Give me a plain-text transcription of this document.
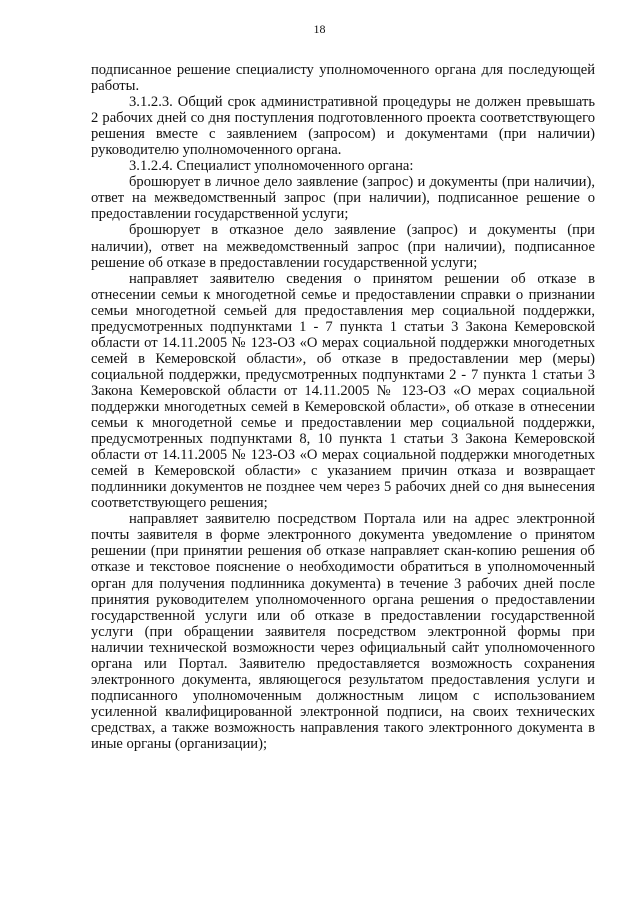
18

подписанное решение специалисту уполномоченного органа для последующей работы.

3.1.2.3. Общий срок административной процедуры не должен превышать 2 рабочих дней со дня поступления подготовленного проекта соответствующего решения вместе с заявлением (запросом) и документами (при наличии) руководителю уполномоченного органа.

3.1.2.4. Специалист уполномоченного органа:

брошюрует в личное дело заявление (запрос) и документы (при наличии), ответ на межведомственный запрос (при наличии), подписанное решение о предоставлении государственной услуги;

брошюрует в отказное дело заявление (запрос) и документы (при наличии), ответ на межведомственный запрос (при наличии), подписанное решение об отказе в предоставлении государственной услуги;

направляет заявителю сведения о принятом решении об отказе в отнесении семьи к многодетной семье и предоставлении справки о признании семьи многодетной семьей для предоставления мер социальной поддержки, предусмотренных подпунктами 1 - 7 пункта 1 статьи 3 Закона Кемеровской области от 14.11.2005 № 123-ОЗ «О мерах социальной поддержки многодетных семей в Кемеровской области», об отказе в предоставлении мер (меры) социальной поддержки, предусмотренных подпунктами 2 - 7 пункта 1 статьи 3 Закона Кемеровской области от 14.11.2005 № 123-ОЗ «О мерах социальной поддержки многодетных семей в Кемеровской области», об отказе в отнесении семьи к многодетной семье и предоставлении мер социальной поддержки, предусмотренных подпунктами 8, 10 пункта 1 статьи 3 Закона Кемеровской области от 14.11.2005 № 123-ОЗ «О мерах социальной поддержки многодетных семей в Кемеровской области» с указанием причин отказа и возвращает подлинники документов не позднее чем через 5 рабочих дней со дня вынесения соответствующего решения;

направляет заявителю посредством Портала или на адрес электронной почты заявителя в форме электронного документа уведомление о принятом решении (при принятии решения об отказе направляет скан-копию решения об отказе и текстовое пояснение о необходимости обратиться в уполномоченный орган для получения подлинника документа) в течение 3 рабочих дней после принятия руководителем уполномоченного органа решения о предоставлении государственной услуги или об отказе в предоставлении государственной услуги (при обращении заявителя посредством электронной формы при наличии технической возможности через официальный сайт уполномоченного органа или Портал. Заявителю предоставляется возможность сохранения электронного документа, являющегося результатом предоставления услуги и подписанного уполномоченным должностным лицом с использованием усиленной квалифицированной электронной подписи, на своих технических средствах, а также возможность направления такого электронного документа в иные органы (организации);
